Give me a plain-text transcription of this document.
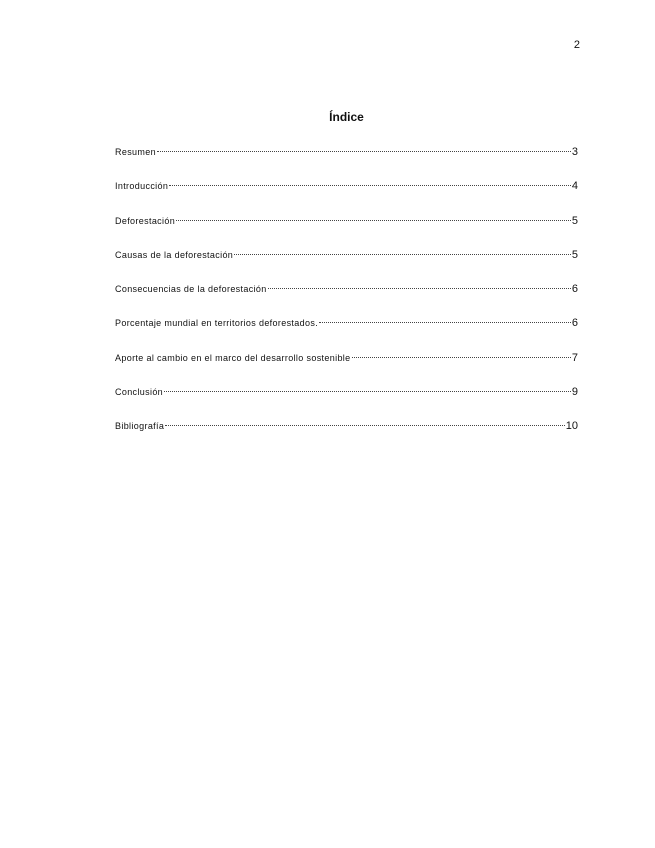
2
Índice
Resumen	3
Introducción	4
Deforestación	5
Causas de la deforestación	5
Consecuencias de la deforestación	6
Porcentaje mundial en territorios deforestados.	6
Aporte al cambio en el marco del desarrollo sostenible	7
Conclusión	9
Bibliografía	10
